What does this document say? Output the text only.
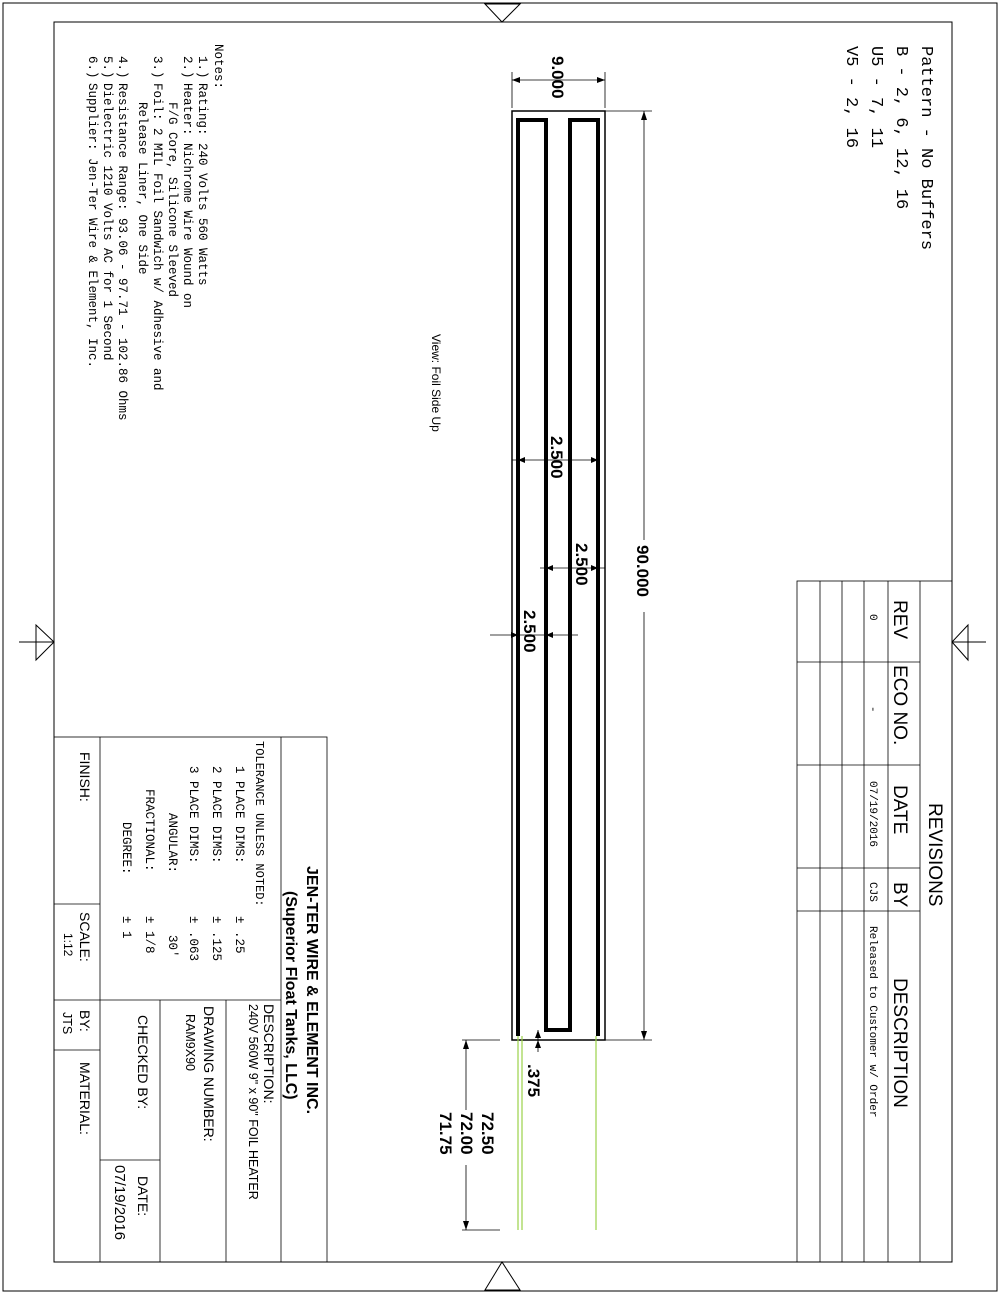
Pattern - No Buffers
B - 2, 6, 12, 16
U5 - 7, 11
V5 - 2, 16
Notes:
1.)
Rating: 240 Volts 560 Watts
2.)
Heater: Nichrome Wire Wound on
F/G Core, Silicone Sleeved
3.)
Foil: 2 MIL Foil Sandwich w/ Adhesive and
Release Liner, One Side
4.)
Resistance Range: 93.06 - 97.71 - 102.86 Ohms
5.)
Dielectric 1210 Volts AC for 1 Second
6.)
Supplier: Jen-Ter Wire & Element, Inc.
View: Foil Side Up
9.000
90.000
2.500
2.500
2.500
.375
72.50
72.00
71.75
REVISIONS
REV
ECO NO.
DATE
BY
DESCRIPTION
0
-
07/19/2016
CJS
Released to Customer w/ Order
JEN-TER WIRE & ELEMENT INC.
(Superior Float Tanks, LLC)
TOLERANCE UNLESS NOTED:
1 PLACE DIMS:
± .25
2 PLACE DIMS:
± .125
3 PLACE DIMS:
± .063
ANGULAR:
30'
FRACTIONAL:
± 1/8
DEGREE:
± 1
FINISH:
DESCRIPTION:
240V 560W 9" x 90" FOIL HEATER
DRAWING NUMBER:
RAM9X90
CHECKED BY:
DATE:
07/19/2016
SCALE:
1:12
BY:
JTS
MATERIAL:
